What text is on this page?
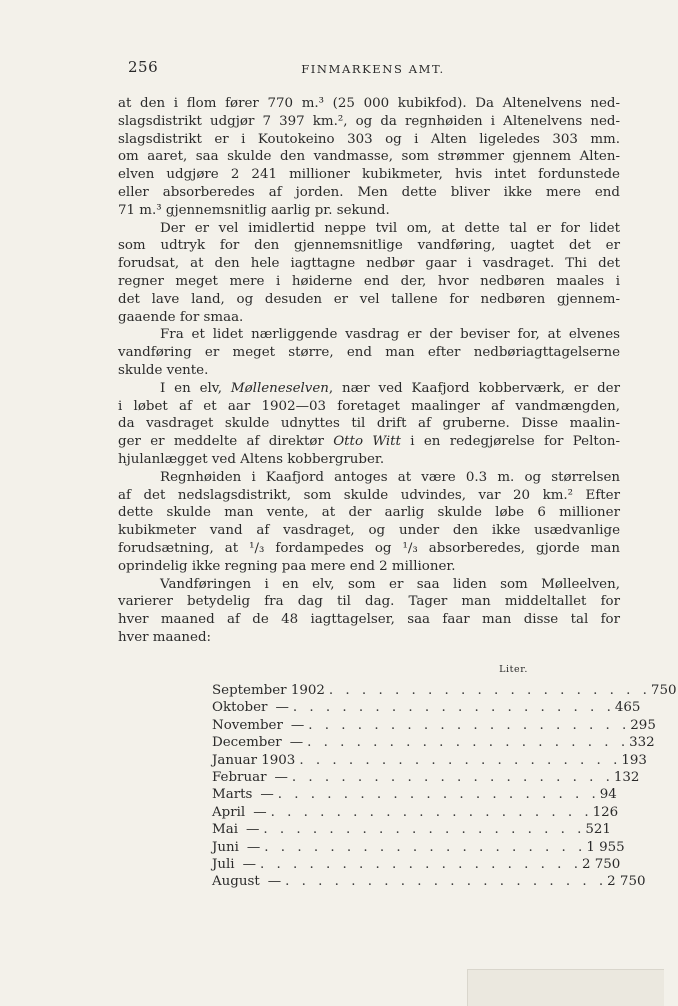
256	FINMARKENS AMT.

at den i flom fører 770 m.³ (25 000 kubikfod). Da Altenelvens ned-
slagsdistrikt udgjør 7 397 km.², og da regnhøiden i Altenelvens ned-
slagsdistrikt er i Koutokeino 303 og i Alten ligeledes 303 mm.
om aaret, saa skulde den vandmasse, som strømmer gjennem Alten-
elven udgjøre 2 241 millioner kubikmeter, hvis intet fordunstede
eller absorberedes af jorden. Men dette bliver ikke mere end
71 m.³ gjennemsnitlig aarlig pr. sekund.

Der er vel imidlertid neppe tvil om, at dette tal er for lidet
som udtryk for den gjennemsnitlige vandføring, uagtet det er
forudsat, at den hele iagttagne nedbør gaar i vasdraget. Thi det
regner meget mere i høiderne end der, hvor nedbøren maales i
det lave land, og desuden er vel tallene for nedbøren gjennem-
gaaende for smaa.

Fra et lidet nærliggende vasdrag er der beviser for, at elvenes
vandføring er meget større, end man efter nedbøriagttagelserne
skulde vente.

I en elv, Mølleneselven, nær ved Kaafjord kobberværk, er der
i løbet af et aar 1902—03 foretaget maalinger af vandmængden,
da vasdraget skulde udnyttes til drift af gruberne. Disse maalin-
ger er meddelte af direktør Otto Witt i en redegjørelse for Pelton-
hjulanlægget ved Altens kobbergruber.

Regnhøiden i Kaafjord antoges at være 0.3 m. og størrelsen
af det nedslagsdistrikt, som skulde udvindes, var 20 km.² Efter
dette skulde man vente, at der aarlig skulde løbe 6 millioner
kubikmeter vand af vasdraget, og under den ikke usædvanlige
forudsætning, at ¹/₃ fordampedes og ¹/₃ absorberedes, gjorde man
oprindelig ikke regning paa mere end 2 millioner.

Vandføringen i en elv, som er saa liden som Mølleelven,
varierer betydelig fra dag til dag. Tager man middeltallet for
hver maaned af de 48 iagttagelser, saa faar man disse tal for
hver maaned:

Liter.
September 1902 . . . . . . . . . . . . . . . . . . . . 750
Oktober — . . . . . . . . . . . . . . . . . . . . 465
November — . . . . . . . . . . . . . . . . . . . . 295
December — . . . . . . . . . . . . . . . . . . . . 332
Januar 1903 . . . . . . . . . . . . . . . . . . . . 193
Februar — . . . . . . . . . . . . . . . . . . . . 132
Marts — . . . . . . . . . . . . . . . . . . . . 94
April — . . . . . . . . . . . . . . . . . . . . 126
Mai — . . . . . . . . . . . . . . . . . . . . 521
Juni — . . . . . . . . . . . . . . . . . . . . 1 955
Juli — . . . . . . . . . . . . . . . . . . . . 2 750
August — . . . . . . . . . . . . . . . . . . . . 2 750
